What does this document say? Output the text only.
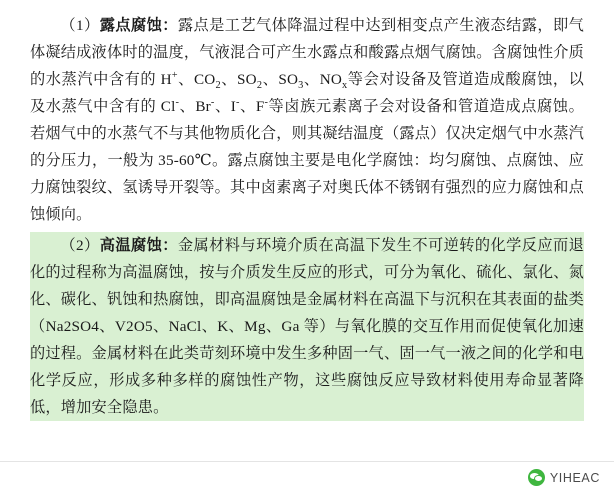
（1）露点腐蚀：露点是工艺气体降温过程中达到相变点产生液态结露，即气体凝结成液体时的温度，气液混合可产生水露点和酸露点烟气腐蚀。含腐蚀性介质的水蒸汽中含有的 H+、$CO_2$、$SO_2$、$SO_3$、$NO_x$等会对设备及管道造成酸腐蚀，以及水蒸气中含有的 Cl-、Br-、I-、F-等卤族元素离子会对设备和管道造成点腐蚀。若烟气中的水蒸气不与其他物质化合，则其凝结温度（露点）仅决定烟气中水蒸汽的分压力，一般为 35-60℃。露点腐蚀主要是电化学腐蚀：均匀腐蚀、点腐蚀、应力腐蚀裂纹、氢诱导开裂等。其中卤素离子对奥氏体不锈钢有强烈的应力腐蚀和点蚀倾向。

（2）高温腐蚀：金属材料与环境介质在高温下发生不可逆转的化学反应而退化的过程称为高温腐蚀，按与介质发生反应的形式，可分为氧化、硫化、氯化、氮化、碳化、钒蚀和热腐蚀，即高温腐蚀是金属材料在高温下与沉积在其表面的盐类（Na2SO4、V2O5、NaCl、K、Mg、Ga 等）与氧化膜的交互作用而促使氧化加速的过程。金属材料在此类苛刻环境中发生多种固一气、固一气一液之间的化学和电化学反应，形成多种多样的腐蚀性产物，这些腐蚀反应导致材料使用寿命显著降低，增加安全隐患。

YIHEAC
